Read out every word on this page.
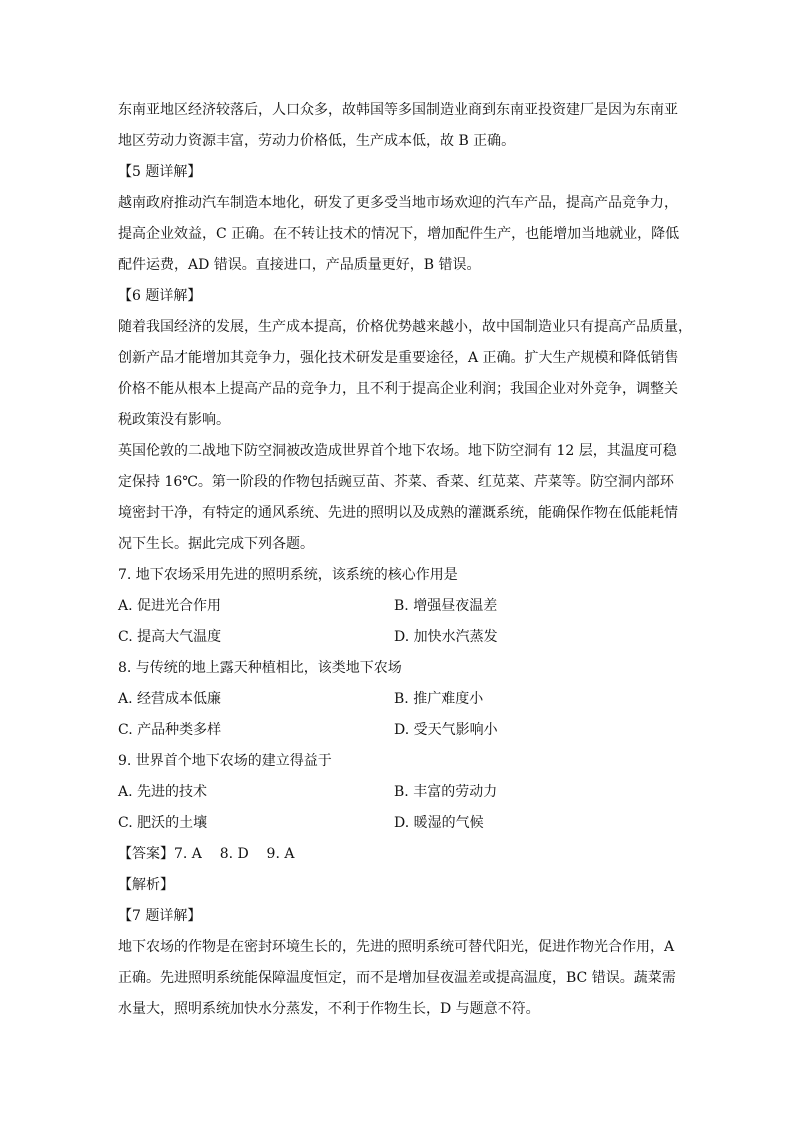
东南亚地区经济较落后，人口众多，故韩国等多国制造业商到东南亚投资建厂是因为东南亚
地区劳动力资源丰富，劳动力价格低，生产成本低，故 B 正确。

【5 题详解】

越南政府推动汽车制造本地化，研发了更多受当地市场欢迎的汽车产品，提高产品竞争力，
提高企业效益，C 正确。在不转让技术的情况下，增加配件生产，也能增加当地就业，降低
配件运费，AD 错误。直接进口，产品质量更好，B 错误。

【6 题详解】

随着我国经济的发展，生产成本提高，价格优势越来越小，故中国制造业只有提高产品质量，
创新产品才能增加其竞争力，强化技术研发是重要途径，A 正确。扩大生产规模和降低销售
价格不能从根本上提高产品的竞争力，且不利于提高企业利润；我国企业对外竞争，调整关
税政策没有影响。

英国伦敦的二战地下防空洞被改造成世界首个地下农场。地下防空洞有 12 层，其温度可稳
定保持 16℃。第一阶段的作物包括豌豆苗、芥菜、香菜、红苋菜、芹菜等。防空洞内部环
境密封干净，有特定的通风系统、先进的照明以及成熟的灌溉系统，能确保作物在低能耗情
况下生长。据此完成下列各题。

7. 地下农场采用先进的照明系统，该系统的核心作用是

A. 促进光合作用	B. 增强昼夜温差
C. 提高大气温度	D. 加快水汽蒸发

8. 与传统的地上露天种植相比，该类地下农场

A. 经营成本低廉	B. 推广难度小
C. 产品种类多样	D. 受天气影响小

9. 世界首个地下农场的建立得益于

A. 先进的技术	B. 丰富的劳动力
C. 肥沃的土壤	D. 暖湿的气候

【答案】7. A    8. D    9. A

【解析】

【7 题详解】

地下农场的作物是在密封环境生长的，先进的照明系统可替代阳光，促进作物光合作用，A
正确。先进照明系统能保障温度恒定，而不是增加昼夜温差或提高温度，BC 错误。蔬菜需
水量大，照明系统加快水分蒸发，不利于作物生长，D 与题意不符。
